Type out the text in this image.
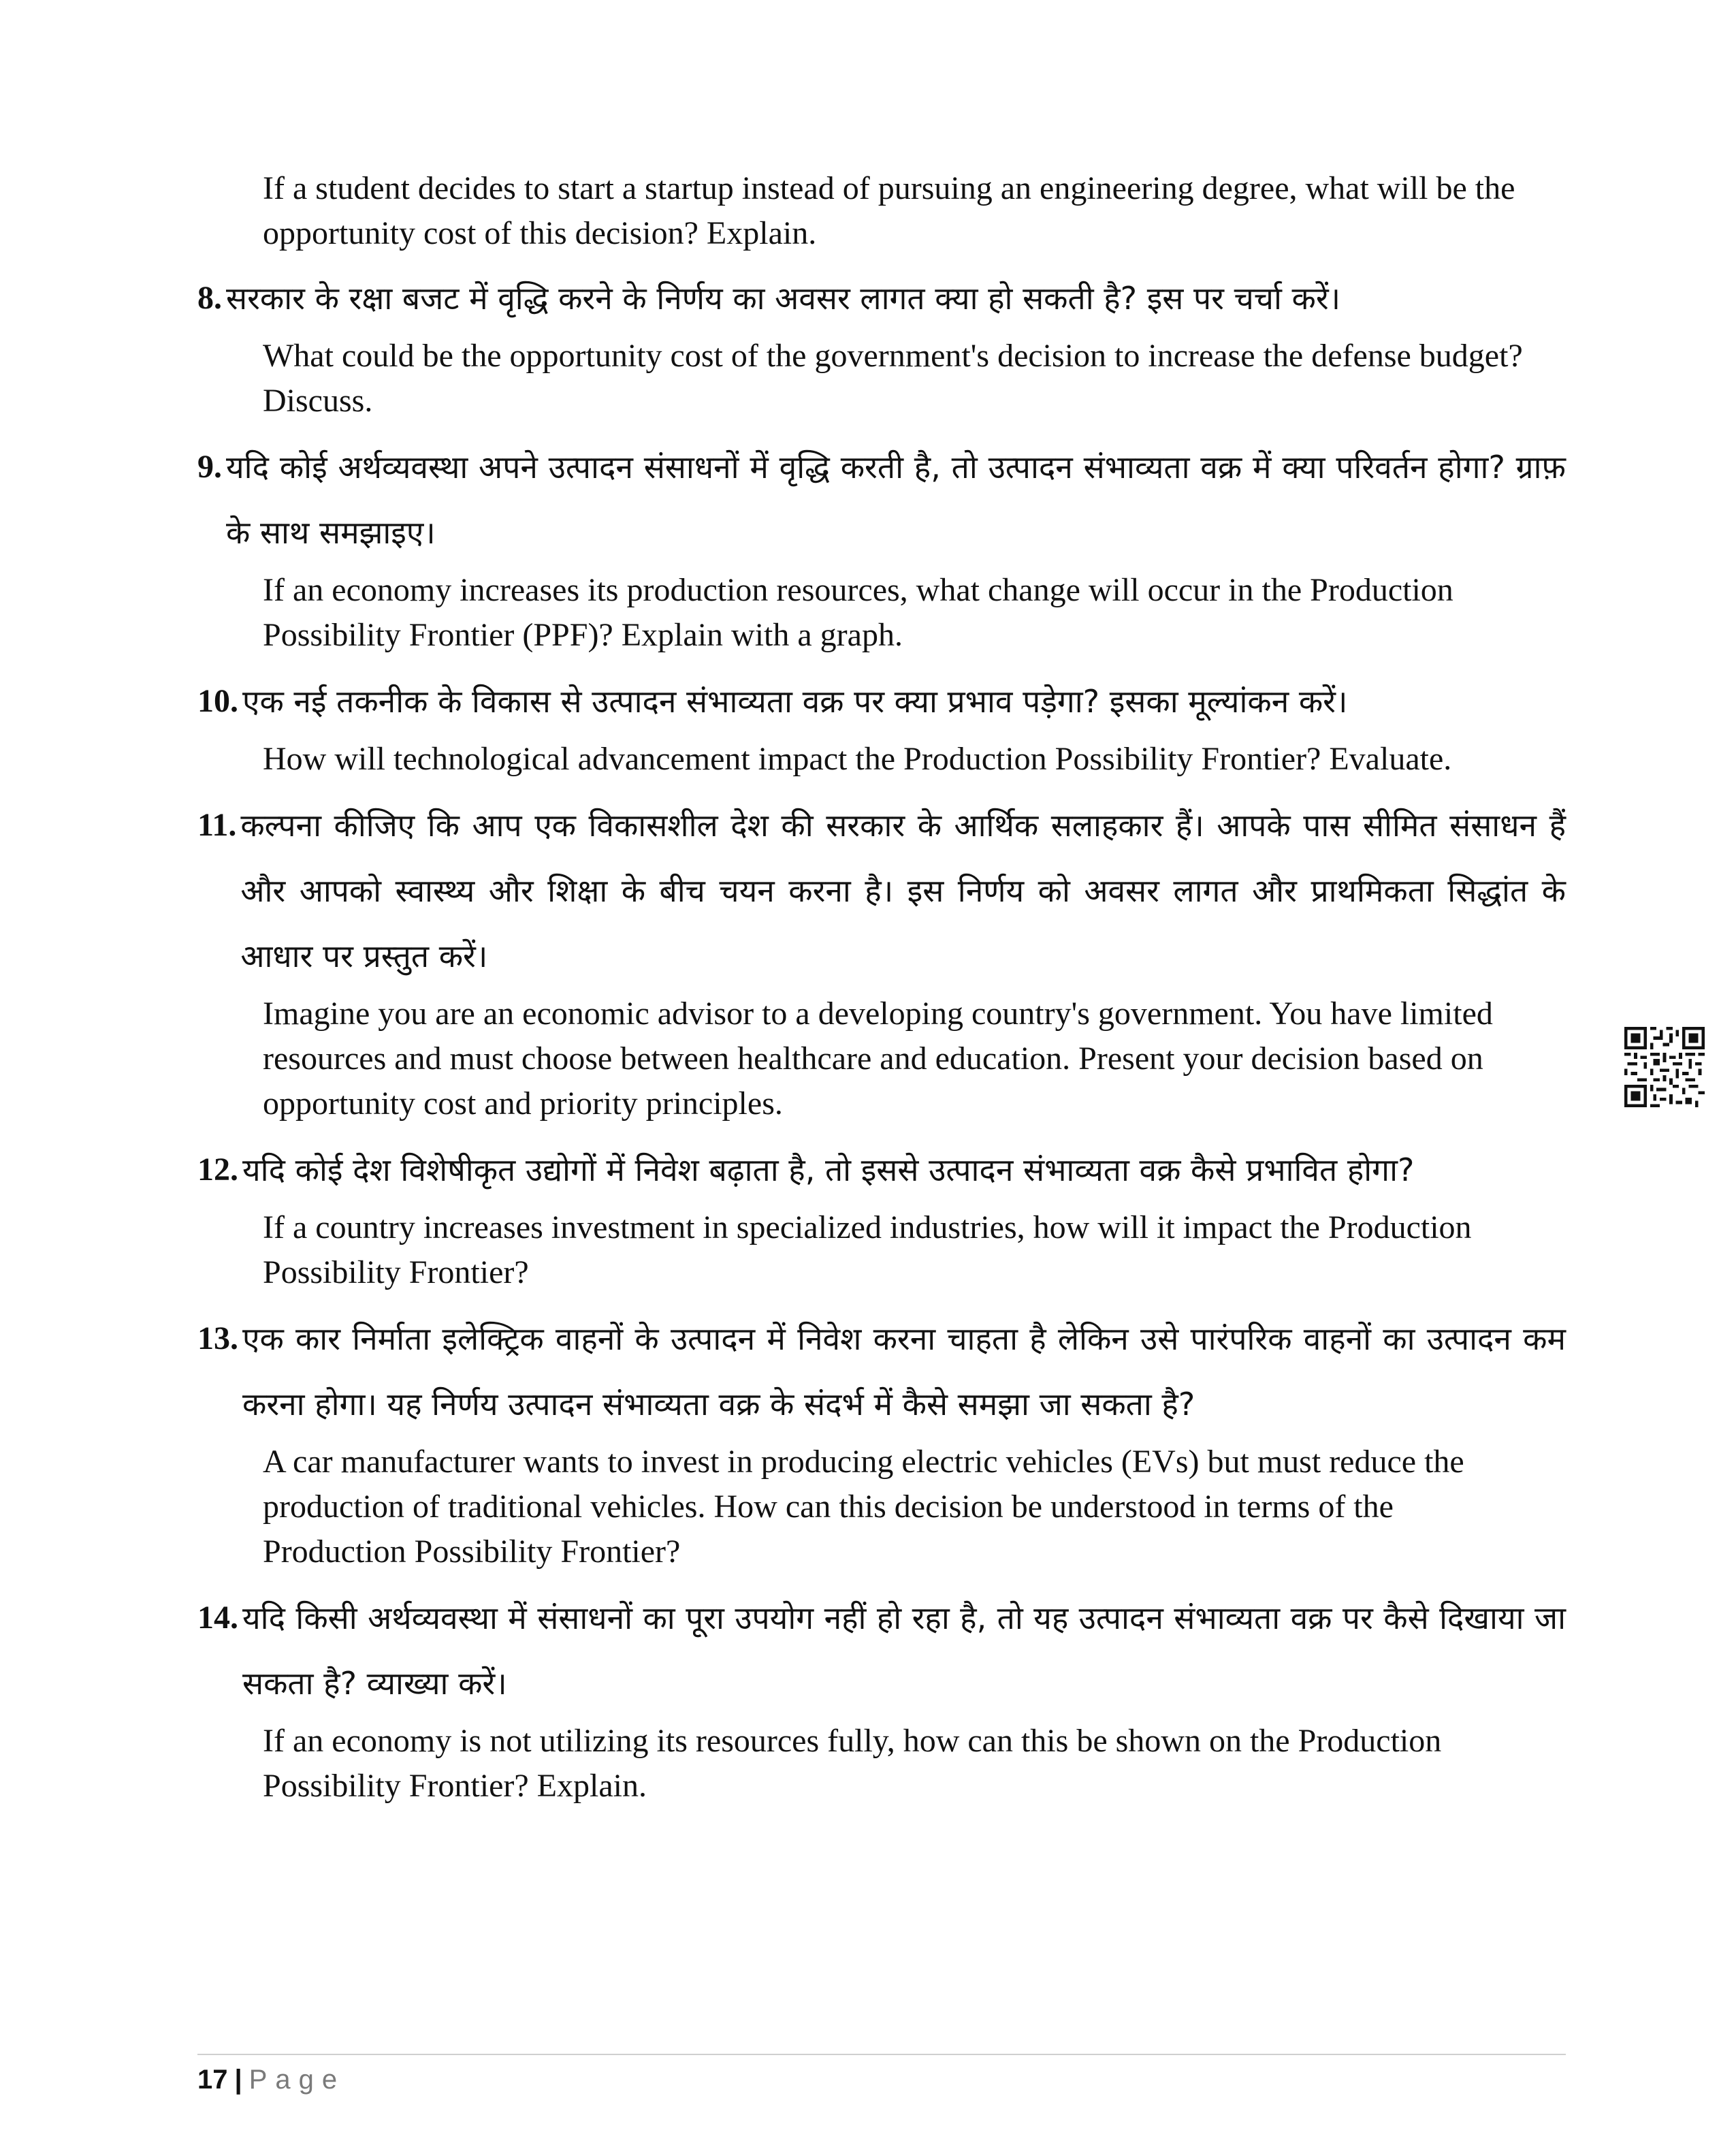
If a student decides to start a startup instead of pursuing an engineering degree, what will be the opportunity cost of this decision? Explain.

8. सरकार के रक्षा बजट में वृद्धि करने के निर्णय का अवसर लागत क्या हो सकती है? इस पर चर्चा करें।
What could be the opportunity cost of the government's decision to increase the defense budget? Discuss.
9. यदि कोई अर्थव्यवस्था अपने उत्पादन संसाधनों में वृद्धि करती है, तो उत्पादन संभाव्यता वक्र में क्या परिवर्तन होगा? ग्राफ़ के साथ समझाइए।
If an economy increases its production resources, what change will occur in the Production Possibility Frontier (PPF)? Explain with a graph.
10. एक नई तकनीक के विकास से उत्पादन संभाव्यता वक्र पर क्या प्रभाव पड़ेगा? इसका मूल्यांकन करें।
How will technological advancement impact the Production Possibility Frontier? Evaluate.
11. कल्पना कीजिए कि आप एक विकासशील देश की सरकार के आर्थिक सलाहकार हैं। आपके पास सीमित संसाधन हैं और आपको स्वास्थ्य और शिक्षा के बीच चयन करना है। इस निर्णय को अवसर लागत और प्राथमिकता सिद्धांत के आधार पर प्रस्तुत करें।
Imagine you are an economic advisor to a developing country's government. You have limited resources and must choose between healthcare and education. Present your decision based on opportunity cost and priority principles.
12. यदि कोई देश विशेषीकृत उद्योगों में निवेश बढ़ाता है, तो इससे उत्पादन संभाव्यता वक्र कैसे प्रभावित होगा?
If a country increases investment in specialized industries, how will it impact the Production Possibility Frontier?
13. एक कार निर्माता इलेक्ट्रिक वाहनों के उत्पादन में निवेश करना चाहता है लेकिन उसे पारंपरिक वाहनों का उत्पादन कम करना होगा। यह निर्णय उत्पादन संभाव्यता वक्र के संदर्भ में कैसे समझा जा सकता है?
A car manufacturer wants to invest in producing electric vehicles (EVs) but must reduce the production of traditional vehicles. How can this decision be understood in terms of the Production Possibility Frontier?
14. यदि किसी अर्थव्यवस्था में संसाधनों का पूरा उपयोग नहीं हो रहा है, तो यह उत्पादन संभाव्यता वक्र पर कैसे दिखाया जा सकता है? व्याख्या करें।
If an economy is not utilizing its resources fully, how can this be shown on the Production Possibility Frontier? Explain.
17 | Page
